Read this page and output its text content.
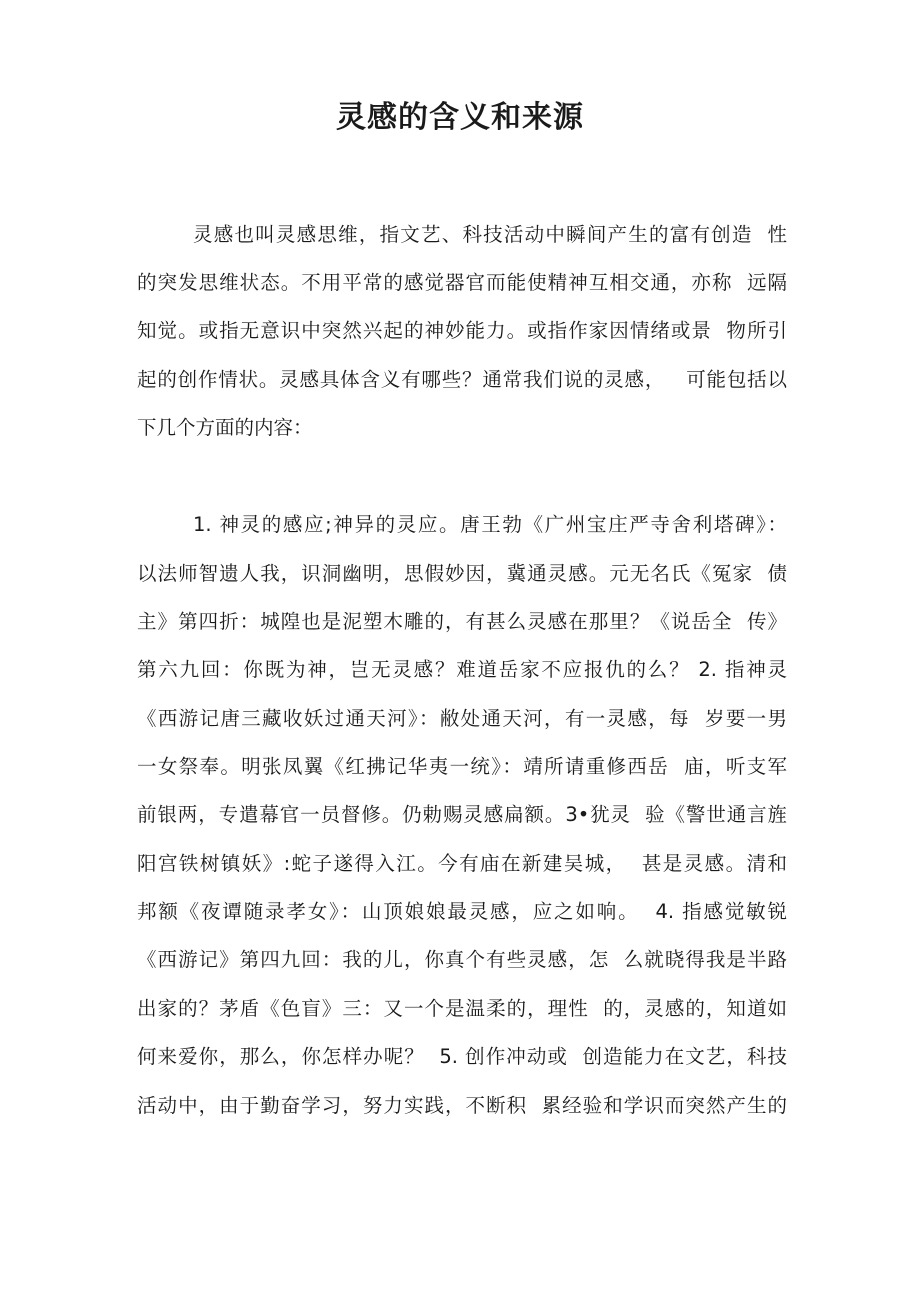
灵感的含义和来源

灵感也叫灵感思维，指文艺、科技活动中瞬间产生的富有创造  性

的突发思维状态。不用平常的感觉器官而能使精神互相交通，亦称  远隔

知觉。或指无意识中突然兴起的神妙能力。或指作家因情绪或景  物所引

起的创作情状。灵感具体含义有哪些？通常我们说的灵感，   可能包括以

下几个方面的内容：

1. 神灵的感应;神异的灵应。唐王勃《广州宝庄严寺舍利塔碑》：

以法师智遗人我，识洞幽明，思假妙因，冀通灵感。元无名氏《冤家  债

主》第四折：城隍也是泥塑木雕的，有甚么灵感在那里？《说岳全  传》

第六九回：你既为神，岂无灵感？难道岳家不应报仇的么？ 2. 指神灵

《西游记唐三藏收妖过通天河》：敝处通天河，有一灵感，每  岁要一男

一女祭奉。明张凤翼《红拂记华夷一统》：靖所请重修西岳  庙，听支军

前银两，专遣幕官一员督修。仍勅赐灵感扁额。3•犹灵  验《警世通言旌

阳宫铁树镇妖》:蛇子遂得入江。今有庙在新建吴城，  甚是灵感。清和

邦额《夜谭随录孝女》：山顶娘娘最灵感，应之如响。  4. 指感觉敏锐

《西游记》第四九回：我的儿，你真个有些灵感，怎  么就晓得我是半路

出家的？茅盾《色盲》三：又一个是温柔的，理性  的，灵感的，知道如

何来爱你，那么，你怎样办呢？  5. 创作冲动或  创造能力在文艺，科技

活动中，由于勤奋学习，努力实践，不断积  累经验和学识而突然产生的
